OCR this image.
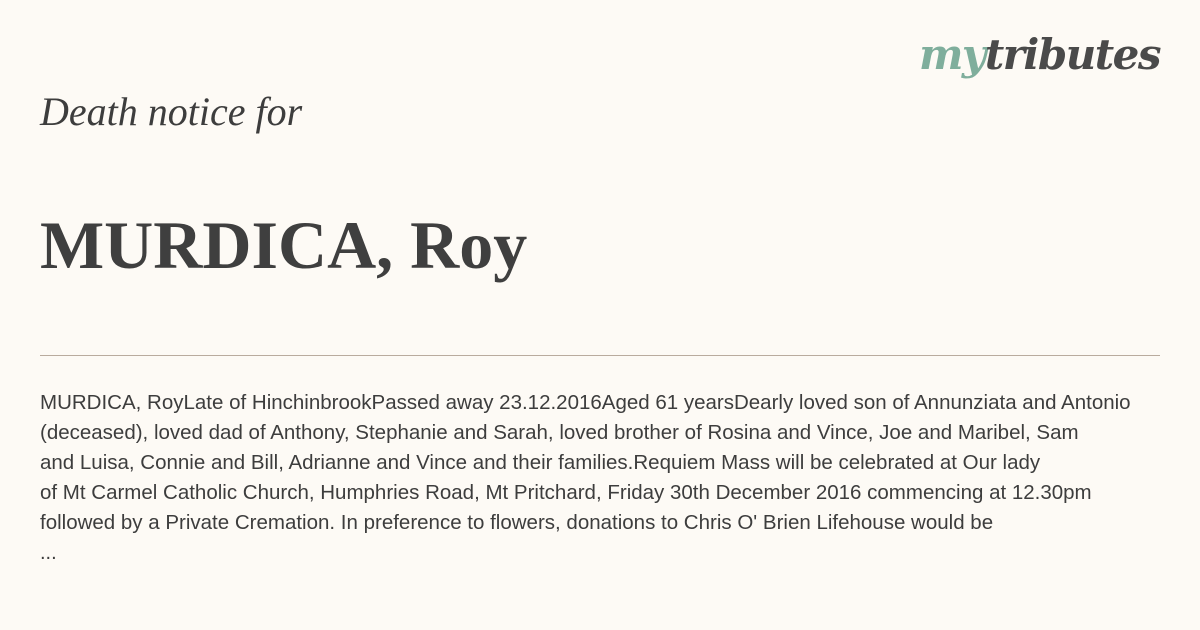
mytributes
Death notice for
MURDICA, Roy
MURDICA, RoyLate of HinchinbrookPassed away 23.12.2016Aged 61 yearsDearly loved son of Annunziata and Antonio
(deceased), loved dad of Anthony, Stephanie and Sarah, loved brother of Rosina and Vince, Joe and Maribel, Sam
and Luisa, Connie and Bill, Adrianne and Vince and their families.Requiem Mass will be celebrated at Our lady
of Mt Carmel Catholic Church, Humphries Road, Mt Pritchard, Friday 30th December 2016 commencing at 12.30pm
followed by a Private Cremation. In preference to flowers, donations to Chris O' Brien Lifehouse would be
...
